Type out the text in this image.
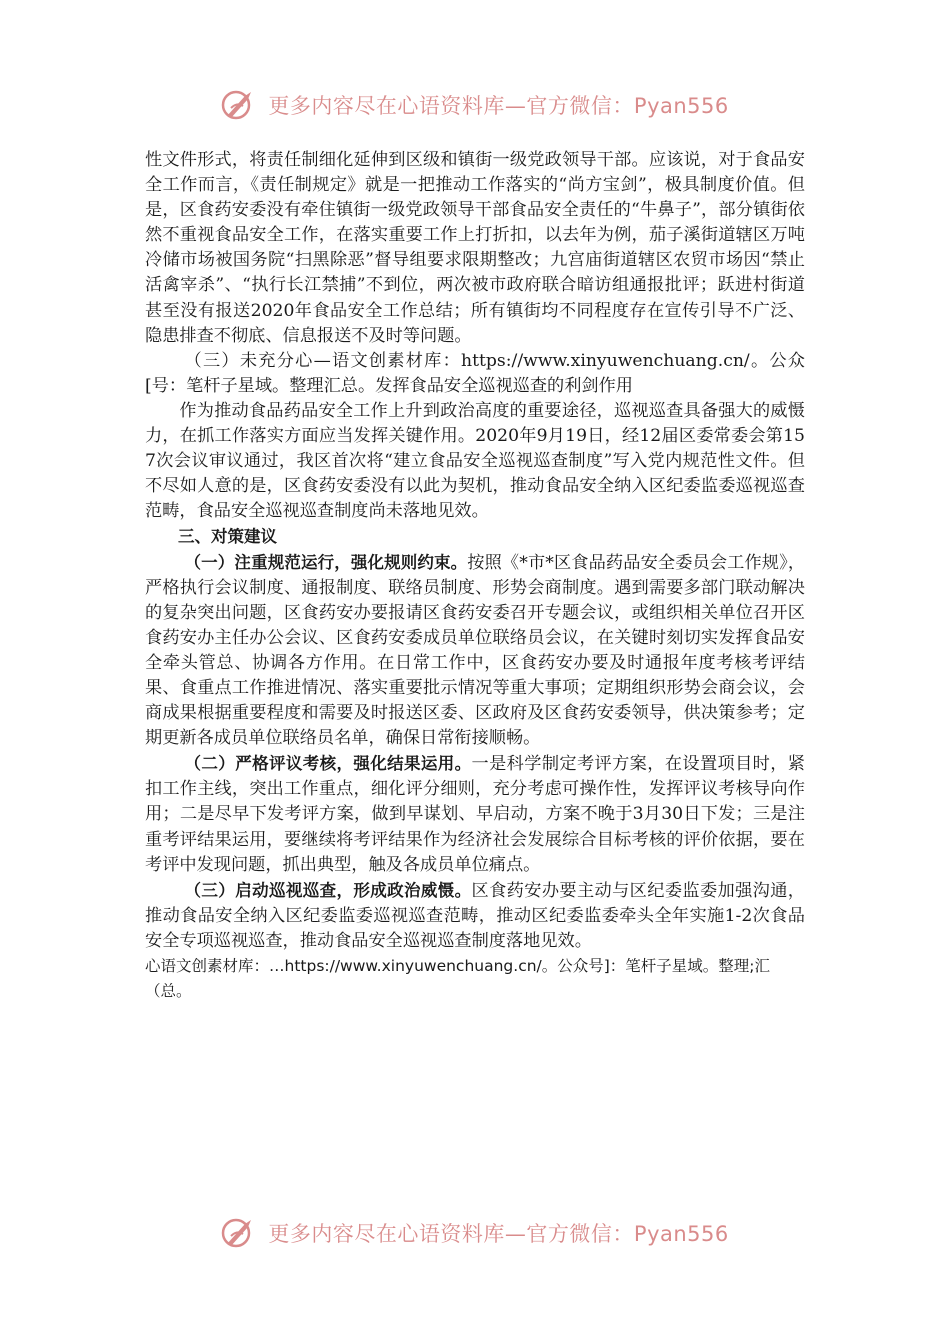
更多内容尽在心语资料库—官方微信：Pyan556

性文件形式，将责任制细化延伸到区级和镇街一级党政领导干部。应该说，对于食品安全工作而言，《责任制规定》就是一把推动工作落实的“尚方宝剑”，极具制度价值。但是，区食药安委没有牵住镇街一级党政领导干部食品安全责任的“牛鼻子”，部分镇街依然不重视食品安全工作，在落实重要工作上打折扣，以去年为例，茄子溪街道辖区万吨冷储市场被国务院“扫黑除恶”督导组要求限期整改；九宫庙街道辖区农贸市场因“禁止活禽宰杀”、“执行长江禁捕”不到位，两次被市政府联合暗访组通报批评；跃进村街道甚至没有报送2020年食品安全工作总结；所有镇街均不同程度存在宣传引导不广泛、隐患排查不彻底、信息报送不及时等问题。

（三）未充分心—语文创素材库：https://www.xinyuwenchuang.cn/。公众[号：笔杆子星域。整理汇总。发挥食品安全巡视巡查的利剑作用

作为推动食品药品安全工作上升到政治高度的重要途径，巡视巡查具备强大的威慑力，在抓工作落实方面应当发挥关键作用。2020年9月19日，经12届区委常委会第157次会议审议通过，我区首次将“建立食品安全巡视巡查制度”写入党内规范性文件。但不尽如人意的是，区食药安委没有以此为契机，推动食品安全纳入区纪委监委巡视巡查范畴，食品安全巡视巡查制度尚未落地见效。

三、对策建议

（一）注重规范运行，强化规则约束。按照《*市*区食品药品安全委员会工作规》，严格执行会议制度、通报制度、联络员制度、形势会商制度。遇到需要多部门联动解决的复杂突出问题，区食药安办要报请区食药安委召开专题会议，或组织相关单位召开区食药安办主任办公会议、区食药安委成员单位联络员会议，在关键时刻切实发挥食品安全牵头管总、协调各方作用。在日常工作中，区食药安办要及时通报年度考核考评结果、食重点工作推进情况、落实重要批示情况等重大事项；定期组织形势会商会议，会商成果根据重要程度和需要及时报送区委、区政府及区食药安委领导，供决策参考；定期更新各成员单位联络员名单，确保日常衔接顺畅。

（二）严格评议考核，强化结果运用。一是科学制定考评方案，在设置项目时，紧扣工作主线，突出工作重点，细化评分细则，充分考虑可操作性，发挥评议考核导向作用；二是尽早下发考评方案，做到早谋划、早启动，方案不晚于3月30日下发；三是注重考评结果运用，要继续将考评结果作为经济社会发展综合目标考核的评价依据，要在考评中发现问题，抓出典型，触及各成员单位痛点。

（三）启动巡视巡查，形成政治威慑。区食药安办要主动与区纪委监委加强沟通，推动食品安全纳入区纪委监委巡视巡查范畴，推动区纪委监委牵头全年实施1-2次食品安全专项巡视巡查，推动食品安全巡视巡查制度落地见效。

心语文创素材库：…https://www.xinyuwenchuang.cn/。公众号]：笔杆子星域。整理;汇（总。

更多内容尽在心语资料库—官方微信：Pyan556
